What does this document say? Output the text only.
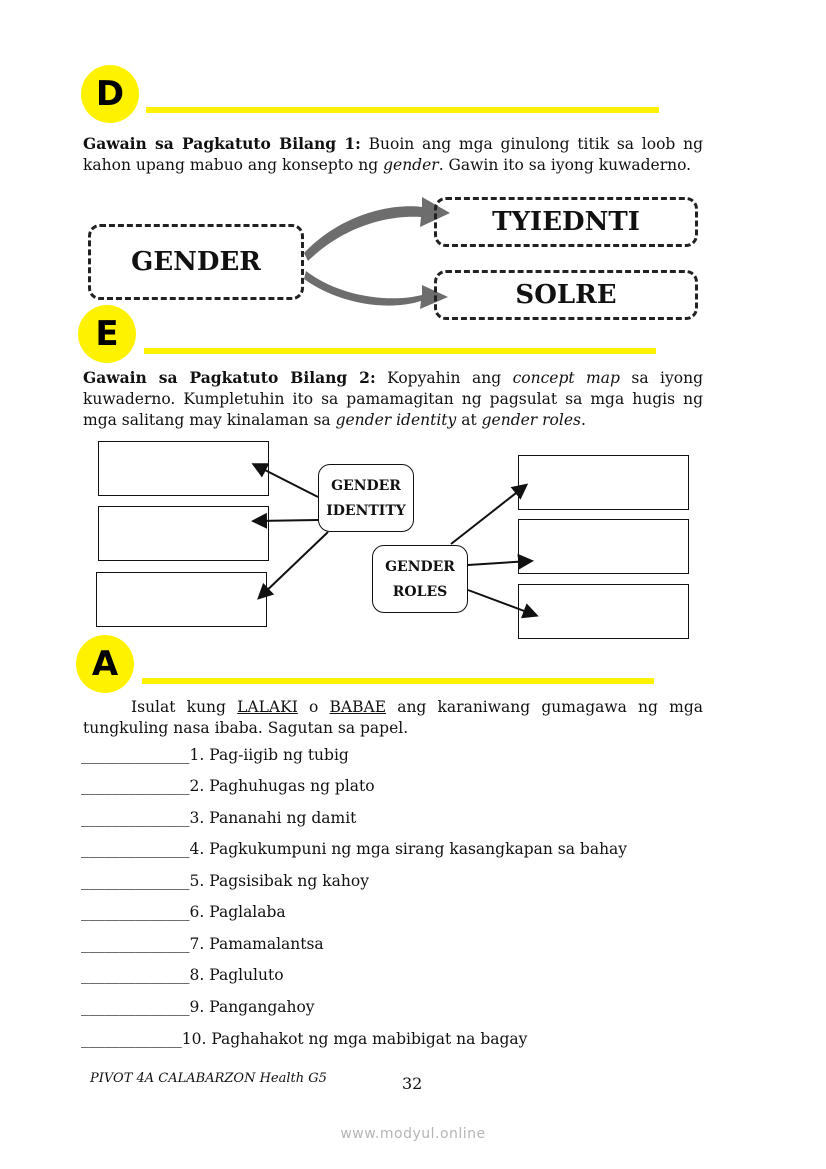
D

Gawain sa Pagkatuto Bilang 1: Buoin ang mga ginulong titik sa loob ng kahon upang mabuo ang konsepto ng gender. Gawin ito sa iyong kuwaderno.

GENDER
TYIEDNTI
SOLRE
E

Gawain sa Pagkatuto Bilang 2: Kopyahin ang concept map sa iyong kuwaderno. Kumpletuhin ito sa pamamagitan ng pagsulat sa mga hugis ng mga salitang may kinalaman sa gender identity at gender roles.

GENDER
IDENTITY
GENDER
ROLES
A

Isulat kung LALAKI o BABAE ang karaniwang gumagawa ng mga tungkuling nasa ibaba. Sagutan sa papel.

______________1. Pag-iigib ng tubig
______________2. Paghuhugas ng plato
______________3. Pananahi ng damit
______________4. Pagkukumpuni ng mga sirang kasangkapan sa bahay
______________5. Pagsisibak ng kahoy
______________6. Paglalaba
______________7. Pamamalantsa
______________8. Pagluluto
______________9. Pangangahoy
_____________10. Paghahakot ng mga mabibigat na bagay
PIVOT 4A CALABARZON Health G5	32
www.modyul.online
